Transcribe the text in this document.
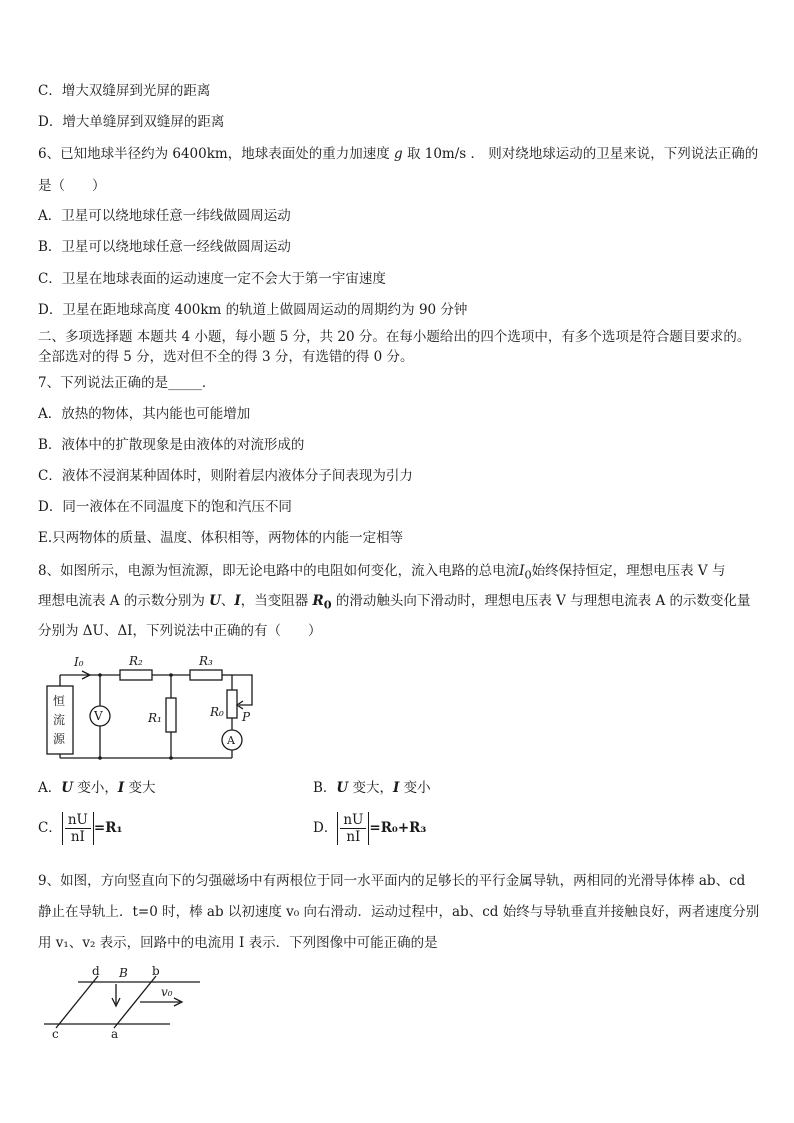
C．增大双缝屏到光屏的距离
D．增大单缝屏到双缝屏的距离
6、已知地球半径约为 6400km，地球表面处的重力加速度 g 取 10m/s ． 则对绕地球运动的卫星来说，下列说法正确的
是（　　）
A．卫星可以绕地球任意一纬线做圆周运动
B．卫星可以绕地球任意一经线做圆周运动
C．卫星在地球表面的运动速度一定不会大于第一宇宙速度
D．卫星在距地球高度 400km 的轨道上做圆周运动的周期约为 90 分钟
二、多项选择题 本题共 4 小题，每小题 5 分，共 20 分。在每小题给出的四个选项中，有多个选项是符合题目要求的。
全部选对的得 5 分，选对但不全的得 3 分，有选错的得 0 分。
7、下列说法正确的是_____．
A．放热的物体，其内能也可能增加
B．液体中的扩散现象是由液体的对流形成的
C．液体不浸润某种固体时，则附着层内液体分子间表现为引力
D．同一液体在不同温度下的饱和汽压不同
E.只两物体的质量、温度、体积相等，两物体的内能一定相等
8、如图所示，电源为恒流源，即无论电路中的电阻如何变化，流入电路的总电流$I_0$始终保持恒定，理想电压表 V 与
理想电流表 A 的示数分别为 U、I，当变阻器 $R_0$ 的滑动触头向下滑动时，理想电压表 V 与理想电流表 A 的示数变化量
分别为 ΔU、ΔI，下列说法中正确的有（　　）
I₀	R₂	R₃
R₁	R₀ P
V
A
恒
流
源
A．U 变小，I 变大	B．U 变大，I 变小
C． $\frac{nU}{nI} =R_1$	D． $\frac{nU}{nI} =R_0+R_3$
9、如图，方向竖直向下的匀强磁场中有两根位于同一水平面内的足够长的平行金属导轨，两相同的光滑导体棒 ab、cd
静止在导轨上．t=0 时，棒 ab 以初速度 v₀ 向右滑动．运动过程中，ab、cd 始终与导轨垂直并接触良好，两者速度分别
用 v₁、v₂ 表示，回路中的电流用 I 表示．下列图像中可能正确的是
d B b
v₀
c	a
